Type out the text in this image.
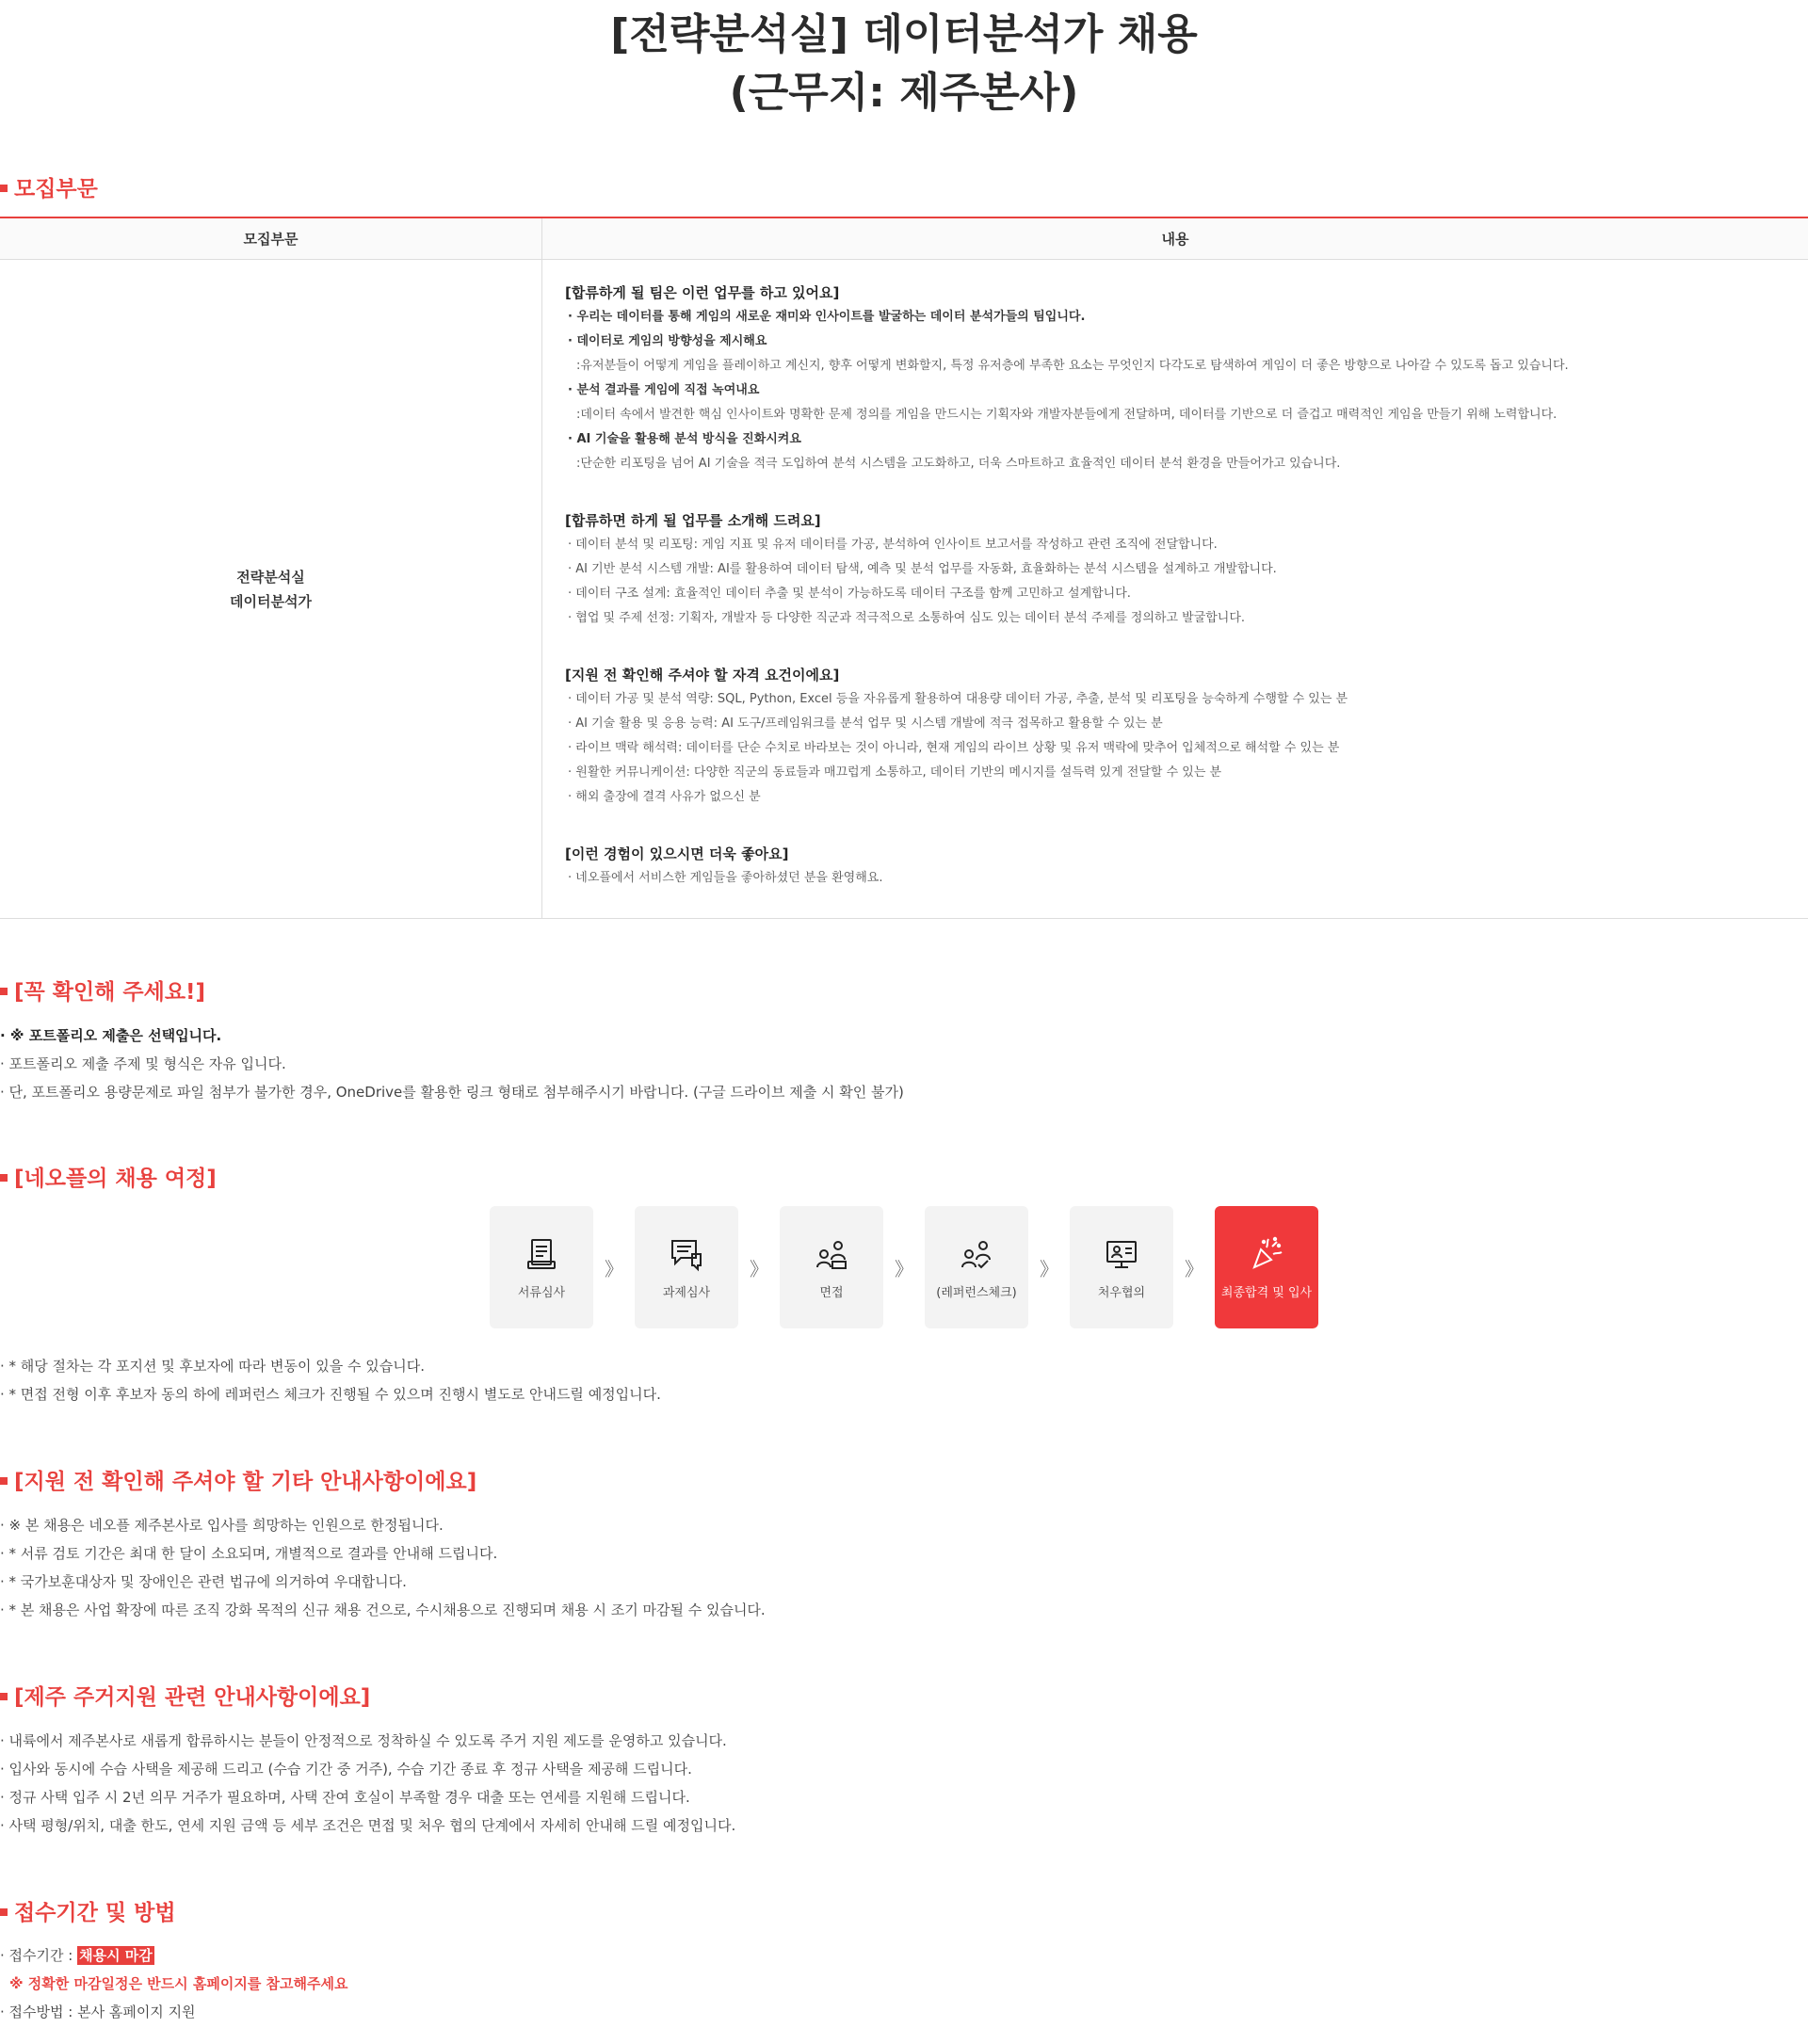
[전략분석실] 데이터분석가 채용
(근무지: 제주본사)
모집부문
모집부문	내용
전략분석실
데이터분석가
[합류하게 될 팀은 이런 업무를 하고 있어요]
· 우리는 데이터를 통해 게임의 새로운 재미와 인사이트를 발굴하는 데이터 분석가들의 팀입니다.
· 데이터로 게임의 방향성을 제시해요
:유저분들이 어떻게 게임을 플레이하고 계신지, 향후 어떻게 변화할지, 특정 유저층에 부족한 요소는 무엇인지 다각도로 탐색하여 게임이 더 좋은 방향으로 나아갈 수 있도록 돕고 있습니다.
· 분석 결과를 게임에 직접 녹여내요
:데이터 속에서 발견한 핵심 인사이트와 명확한 문제 정의를 게임을 만드시는 기획자와 개발자분들에게 전달하며, 데이터를 기반으로 더 즐겁고 매력적인 게임을 만들기 위해 노력합니다.
· AI 기술을 활용해 분석 방식을 진화시켜요
:단순한 리포팅을 넘어 AI 기술을 적극 도입하여 분석 시스템을 고도화하고, 더욱 스마트하고 효율적인 데이터 분석 환경을 만들어가고 있습니다.
[합류하면 하게 될 업무를 소개해 드려요]
· 데이터 분석 및 리포팅: 게임 지표 및 유저 데이터를 가공, 분석하여 인사이트 보고서를 작성하고 관련 조직에 전달합니다.
· AI 기반 분석 시스템 개발: AI를 활용하여 데이터 탐색, 예측 및 분석 업무를 자동화, 효율화하는 분석 시스템을 설계하고 개발합니다.
· 데이터 구조 설계: 효율적인 데이터 추출 및 분석이 가능하도록 데이터 구조를 함께 고민하고 설계합니다.
· 협업 및 주제 선정: 기획자, 개발자 등 다양한 직군과 적극적으로 소통하여 심도 있는 데이터 분석 주제를 정의하고 발굴합니다.
[지원 전 확인해 주셔야 할 자격 요건이에요]
· 데이터 가공 및 분석 역량: SQL, Python, Excel 등을 자유롭게 활용하여 대용량 데이터 가공, 추출, 분석 및 리포팅을 능숙하게 수행할 수 있는 분
· AI 기술 활용 및 응용 능력: AI 도구/프레임워크를 분석 업무 및 시스템 개발에 적극 접목하고 활용할 수 있는 분
· 라이브 맥락 해석력: 데이터를 단순 수치로 바라보는 것이 아니라, 현재 게임의 라이브 상황 및 유저 맥락에 맞추어 입체적으로 해석할 수 있는 분
· 원활한 커뮤니케이션: 다양한 직군의 동료들과 매끄럽게 소통하고, 데이터 기반의 메시지를 설득력 있게 전달할 수 있는 분
· 해외 출장에 결격 사유가 없으신 분
[이런 경험이 있으시면 더욱 좋아요]
· 네오플에서 서비스한 게임들을 좋아하셨던 분을 환영해요.
[꼭 확인해 주세요!]
· ※ 포트폴리오 제출은 선택입니다.
· 포트폴리오 제출 주제 및 형식은 자유 입니다.
· 단, 포트폴리오 용량문제로 파일 첨부가 불가한 경우, OneDrive를 활용한 링크 형태로 첨부해주시기 바랍니다. (구글 드라이브 제출 시 확인 불가)
[네오플의 채용 여정]
서류심사
》
과제심사
》
면접
》
(레퍼런스체크)
》
처우협의
》
최종합격 및 입사
· * 해당 절차는 각 포지션 및 후보자에 따라 변동이 있을 수 있습니다.
· * 면접 전형 이후 후보자 동의 하에 레퍼런스 체크가 진행될 수 있으며 진행시 별도로 안내드릴 예정입니다.
[지원 전 확인해 주셔야 할 기타 안내사항이에요]
· ※ 본 채용은 네오플 제주본사로 입사를 희망하는 인원으로 한정됩니다.
· * 서류 검토 기간은 최대 한 달이 소요되며, 개별적으로 결과를 안내해 드립니다.
· * 국가보훈대상자 및 장애인은 관련 법규에 의거하여 우대합니다.
· * 본 채용은 사업 확장에 따른 조직 강화 목적의 신규 채용 건으로, 수시채용으로 진행되며 채용 시 조기 마감될 수 있습니다.
[제주 주거지원 관련 안내사항이에요]
· 내륙에서 제주본사로 새롭게 합류하시는 분들이 안정적으로 정착하실 수 있도록 주거 지원 제도를 운영하고 있습니다.
· 입사와 동시에 수습 사택을 제공해 드리고 (수습 기간 중 거주), 수습 기간 종료 후 정규 사택을 제공해 드립니다.
· 정규 사택 입주 시 2년 의무 거주가 필요하며, 사택 잔여 호실이 부족할 경우 대출 또는 연세를 지원해 드립니다.
· 사택 평형/위치, 대출 한도, 연세 지원 금액 등 세부 조건은 면접 및 처우 협의 단계에서 자세히 안내해 드릴 예정입니다.
접수기간 및 방법
· 접수기간 : 채용시 마감
※ 정확한 마감일정은 반드시 홈페이지를 참고해주세요
· 접수방법 : 본사 홈페이지 지원
